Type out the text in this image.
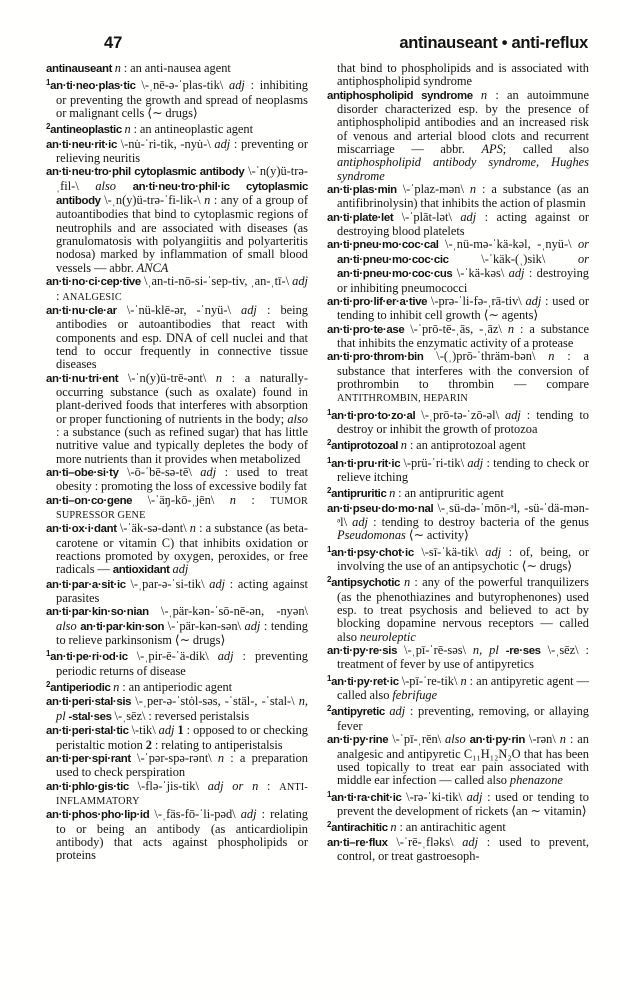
47	antinauseant • anti-reflux

antinauseant n : an anti-nausea agent

$^1$an·ti·neo·plas·tic \-ˌnē-ə-ˈplas-tik\ adj : inhibiting or preventing the growth and spread of neoplasms or malignant cells ⟨∼ drugs⟩

$^2$antineoplastic n : an antineoplastic agent

an·ti·neu·rit·ic \-nu̇-ˈri-tik, -nyu̇-\ adj : preventing or relieving neuritis

an·ti·neu·tro·phil cytoplasmic antibody \-ˈn(y)ü-trə-ˌfil-\ also an·ti·neu·tro·phil·ic cytoplasmic antibody \-ˌn(y)ü-trə-ˈfi-lik-\ n : any of a group of autoantibodies that bind to cytoplasmic regions of neutrophils and are associated with diseases (as granulomatosis with polyangiitis and polyarteritis nodosa) marked by inflammation of small blood vessels — abbr. ANCA

an·ti·no·ci·cep·tive \ˌan-ti-nō-si-ˈsep-tiv, ˌan-ˌtī-\ adj : ANALGESIC

an·ti·nu·cle·ar \-ˈnü-klē-ər, -ˈnyü-\ adj : being antibodies or autoantibodies that react with components and esp. DNA of cell nuclei and that tend to occur frequently in connective tissue diseases

an·ti·nu·tri·ent \-ˈn(y)ü-trē-ənt\ n : a naturally-occurring substance (such as oxalate) found in plant-derived foods that interferes with absorption or proper functioning of nutrients in the body; also : a substance (such as refined sugar) that has little nutritive value and typically depletes the body of more nutrients than it provides when metabolized

an·ti–obe·si·ty \-ō-ˈbē-sə-tē\ adj : used to treat obesity : promoting the loss of excessive bodily fat

an·ti–on·co·gene \-ˈäŋ-kō-ˌjēn\ n : TUMOR SUPRESSOR GENE

an·ti·ox·i·dant \-ˈäk-sə-dənt\ n : a substance (as beta-carotene or vitamin C) that inhibits oxidation or reactions promoted by oxygen, peroxides, or free radicals — antioxidant adj

an·ti·par·a·sit·ic \-ˌpar-ə-ˈsi-tik\ adj : acting against parasites

an·ti·par·kin·so·nian \-ˌpär-kən-ˈsō-nē-ən, -nyən\ also an·ti·par·kin·son \-ˈpär-kən-sən\ adj : tending to relieve parkinsonism ⟨∼ drugs⟩

$^1$an·ti·pe·ri·od·ic \-ˌpir-ē-ˈä-dik\ adj : preventing periodic returns of disease

$^2$antiperiodic n : an antiperiodic agent

an·ti·peri·stal·sis \-ˌper-ə-ˈstȯl-səs, -ˈstäl-, -ˈstal-\ n, pl -stal·ses \-ˌsēz\ : reversed peristalsis

an·ti·peri·stal·tic \-tik\ adj 1 : opposed to or checking peristaltic motion 2 : relating to antiperistalsis

an·ti·per·spi·rant \-ˈpər-spə-rənt\ n : a preparation used to check perspiration

an·ti·phlo·gis·tic \-flə-ˈjis-tik\ adj or n : ANTI-INFLAMMATORY

an·ti·phos·pho·lip·id \-ˌfäs-fō-ˈli-pəd\ adj : relating to or being an antibody (as anticardiolipin antibody) that acts against phospholipids or proteins

that bind to phospholipids and is associated with antiphospholipid syndrome

antiphospholipid syndrome n : an autoimmune disorder characterized esp. by the presence of antiphospholipid antibodies and an increased risk of venous and arterial blood clots and recurrent miscarriage — abbr. APS; called also antiphospholipid antibody syndrome, Hughes syndrome

an·ti·plas·min \-ˈplaz-mən\ n : a substance (as an antifibrinolysin) that inhibits the action of plasmin

an·ti·plate·let \-ˈplāt-lət\ adj : acting against or destroying blood platelets

an·ti·pneu·mo·coc·cal \-ˌnü-mə-ˈkä-kəl, -ˌnyü-\ or an·ti·pneu·mo·coc·cic \-ˈkäk-(ˌ)sik\ or an·ti·pneu·mo·coc·cus \-ˈkä-kəs\ adj : destroying or inhibiting pneumococci

an·ti·pro·lif·er·a·tive \-prə-ˈli-fə-ˌrā-tiv\ adj : used or tending to inhibit cell growth ⟨∼ agents⟩

an·ti·pro·te·ase \-ˈprō-tē-ˌās, -ˌāz\ n : a substance that inhibits the enzymatic activity of a protease

an·ti·pro·throm·bin \-(ˌ)prō-ˈthräm-bən\ n : a substance that interferes with the conversion of prothrombin to thrombin — compare ANTITHROMBIN, HEPARIN

$^1$an·ti·pro·to·zo·al \-ˌprō-tə-ˈzō-əl\ adj : tending to destroy or inhibit the growth of protozoa

$^2$antiprotozoal n : an antiprotozoal agent

$^1$an·ti·pru·rit·ic \-prü-ˈri-tik\ adj : tending to check or relieve itching

$^2$antipruritic n : an antipruritic agent

an·ti·pseu·do·mo·nal \-ˌsü-də-ˈmōn-ᵊl, -sü-ˈdä-mən-ᵊl\ adj : tending to destroy bacteria of the genus Pseudomonas ⟨∼ activity⟩

$^1$an·ti·psy·chot·ic \-sī-ˈkä-tik\ adj : of, being, or involving the use of an antipsychotic ⟨∼ drugs⟩

$^2$antipsychotic n : any of the powerful tranquilizers (as the phenothiazines and butyrophenones) used esp. to treat psychosis and believed to act by blocking dopamine nervous receptors — called also neuroleptic

an·ti·py·re·sis \-ˌpī-ˈrē-səs\ n, pl -re·ses \-ˌsēz\ : treatment of fever by use of antipyretics

$^1$an·ti·py·ret·ic \-pī-ˈre-tik\ n : an antipyretic agent — called also febrifuge

$^2$antipyretic adj : preventing, removing, or allaying fever

an·ti·py·rine \-ˈpī-ˌrēn\ also an·ti·py·rin \-rən\ n : an analgesic and antipyretic C₁₁H₁₂N₂O that has been used topically to treat ear pain associated with middle ear infection — called also phenazone

$^1$an·ti·ra·chit·ic \-rə-ˈki-tik\ adj : used or tending to prevent the development of rickets ⟨an ∼ vitamin⟩

$^2$antirachitic n : an antirachitic agent

an·ti–re·flux \-ˈrē-ˌfləks\ adj : used to prevent, control, or treat gastroesoph-
